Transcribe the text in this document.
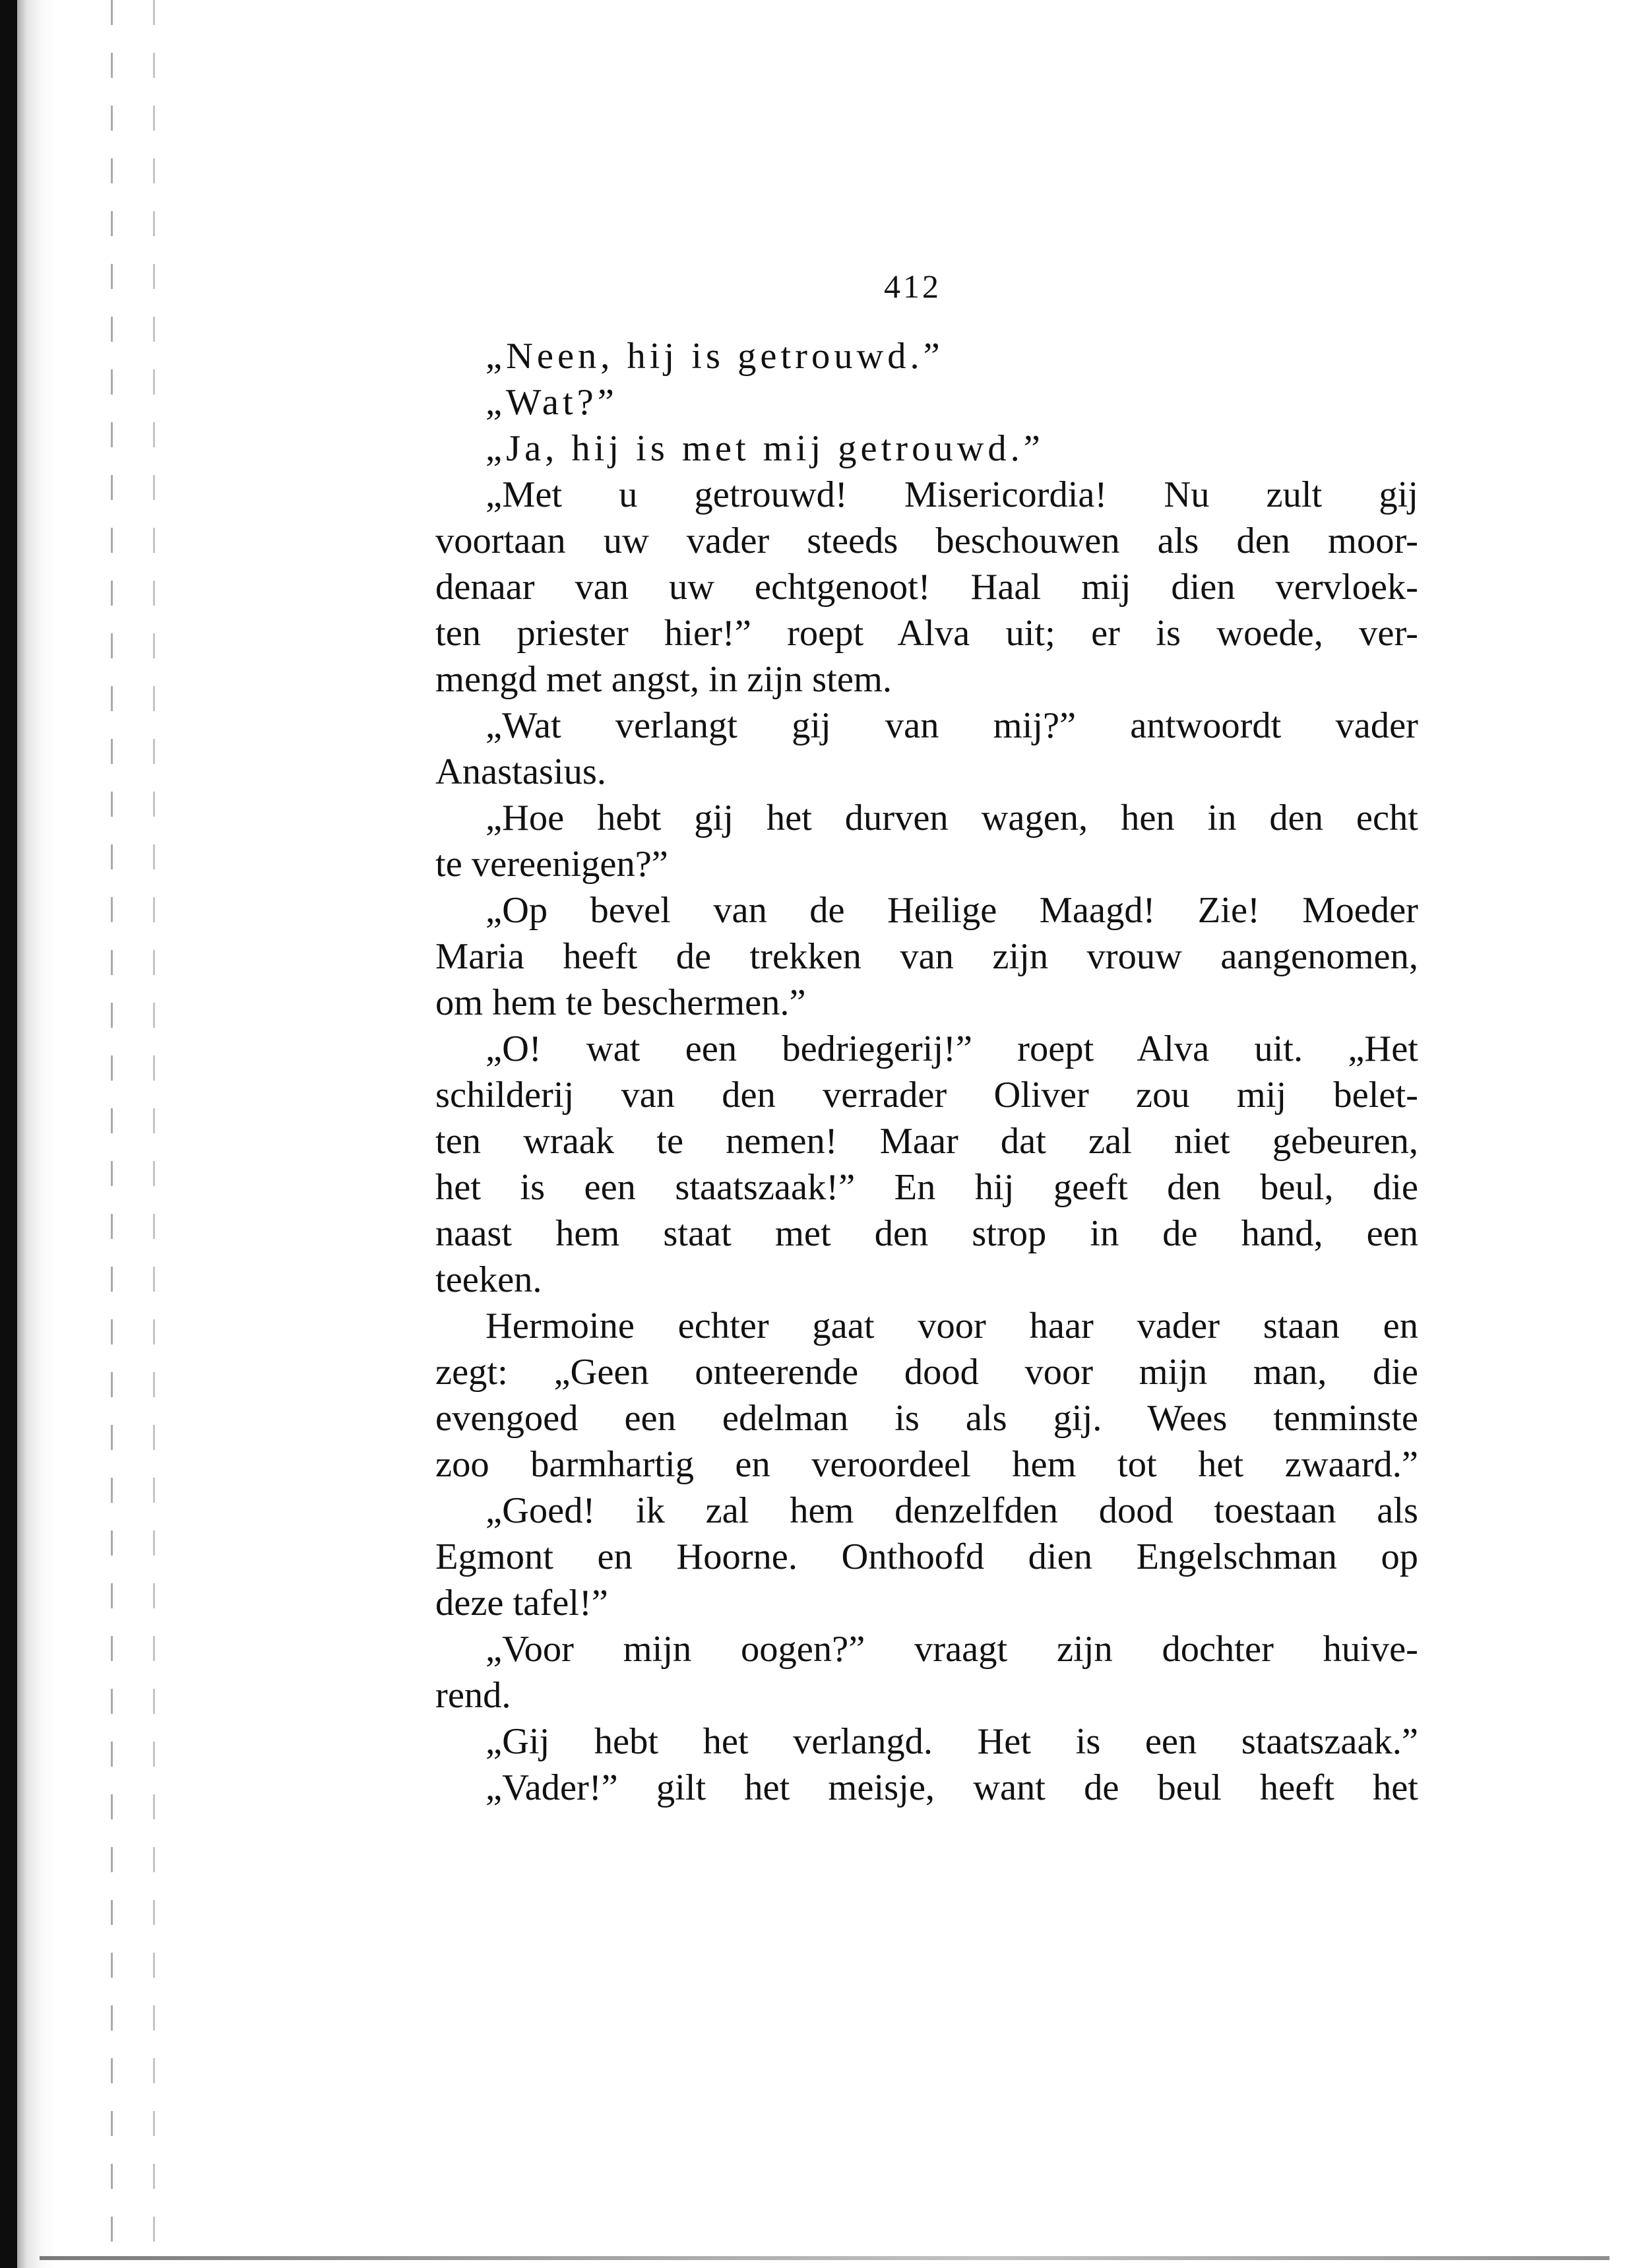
412
„Neen, hij is getrouwd.”
„Wat?”
„Ja, hij is met mij getrouwd.”
„Met u getrouwd! Misericordia! Nu zult gij
voortaan uw vader steeds beschouwen als den moor-
denaar van uw echtgenoot! Haal mij dien vervloek-
ten priester hier!” roept Alva uit; er is woede, ver-
mengd met angst, in zijn stem.
„Wat verlangt gij van mij?” antwoordt vader
Anastasius.
„Hoe hebt gij het durven wagen, hen in den echt
te vereenigen?”
„Op bevel van de Heilige Maagd! Zie! Moeder
Maria heeft de trekken van zijn vrouw aangenomen,
om hem te beschermen.”
„O! wat een bedriegerij!” roept Alva uit. „Het
schilderij van den verrader Oliver zou mij belet-
ten wraak te nemen! Maar dat zal niet gebeuren,
het is een staatszaak!” En hij geeft den beul, die
naast hem staat met den strop in de hand, een
teeken.
Hermoine echter gaat voor haar vader staan en
zegt: „Geen onteerende dood voor mijn man, die
evengoed een edelman is als gij. Wees tenminste
zoo barmhartig en veroordeel hem tot het zwaard.”
„Goed! ik zal hem denzelfden dood toestaan als
Egmont en Hoorne. Onthoofd dien Engelschman op
deze tafel!”
„Voor mijn oogen?” vraagt zijn dochter huive-
rend.
„Gij hebt het verlangd. Het is een staatszaak.”
„Vader!” gilt het meisje, want de beul heeft het
